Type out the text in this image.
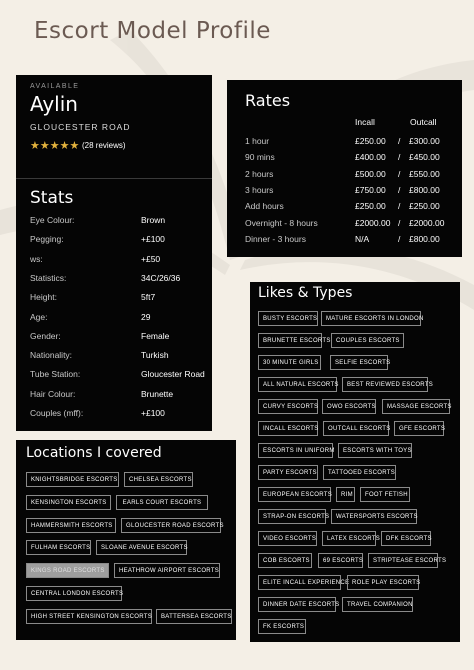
Escort Model Profile
AVAILABLE
Aylin
GLOUCESTER ROAD
★★★★★ (28 reviews)
Stats
Eye Colour:	Brown
Pegging:	+£100
ws:	+£50
Statistics:	34C/26/36
Height:	5ft7
Age:	29
Gender:	Female
Nationality:	Turkish
Tube Station:	Gloucester Road
Hair Colour:	Brunette
Couples (mff):	+£100
Rates
Incall	Outcall
1 hour	£250.00 / £300.00
90 mins	£400.00 / £450.00
2 hours	£500.00 / £550.00
3 hours	£750.00 / £800.00
Add hours	£250.00 / £250.00
Overnight - 8 hours	£2000.00 / £2000.00
Dinner - 3 hours	N/A	/ £800.00
Likes & Types
BUSTY ESCORTS	MATURE ESCORTS IN LONDON
BRUNETTE ESCORTS COUPLES ESCORTS
30 MINUTE GIRLS	SELFIE ESCORTS
ALL NATURAL ESCORTS	BEST REVIEWED ESCORTS
CURVY ESCORTS	OWO ESCORTS	MASSAGE ESCORTS
INCALL ESCORTS	OUTCALL ESCORTS	GFE ESCORTS
ESCORTS IN UNIFORM	ESCORTS WITH TOYS
PARTY ESCORTS	TATTOOED ESCORTS
EUROPEAN ESCORTS	RIM	FOOT FETISH
STRAP-ON ESCORTS	WATERSPORTS ESCORTS
VIDEO ESCORTS	LATEX ESCORTS DFK ESCORTS
COB ESCORTS	69 ESCORTS	STRIPTEASE ESCORTS
ELITE INCALL EXPERIENCE ROLE PLAY ESCORTS
DINNER DATE ESCORTS	TRAVEL COMPANION
FK ESCORTS
Locations I covered
KNIGHTSBRIDGE ESCORTS	CHELSEA ESCORTS
KENSINGTON ESCORTS	EARLS COURT ESCORTS
HAMMERSMITH ESCORTS	GLOUCESTER ROAD ESCORTS
FULHAM ESCORTS	SLOANE AVENUE ESCORTS
KINGS ROAD ESCORTS	HEATHROW AIRPORT ESCORTS
CENTRAL LONDON ESCORTS
HIGH STREET KENSINGTON ESCORTS	BATTERSEA ESCORTS
